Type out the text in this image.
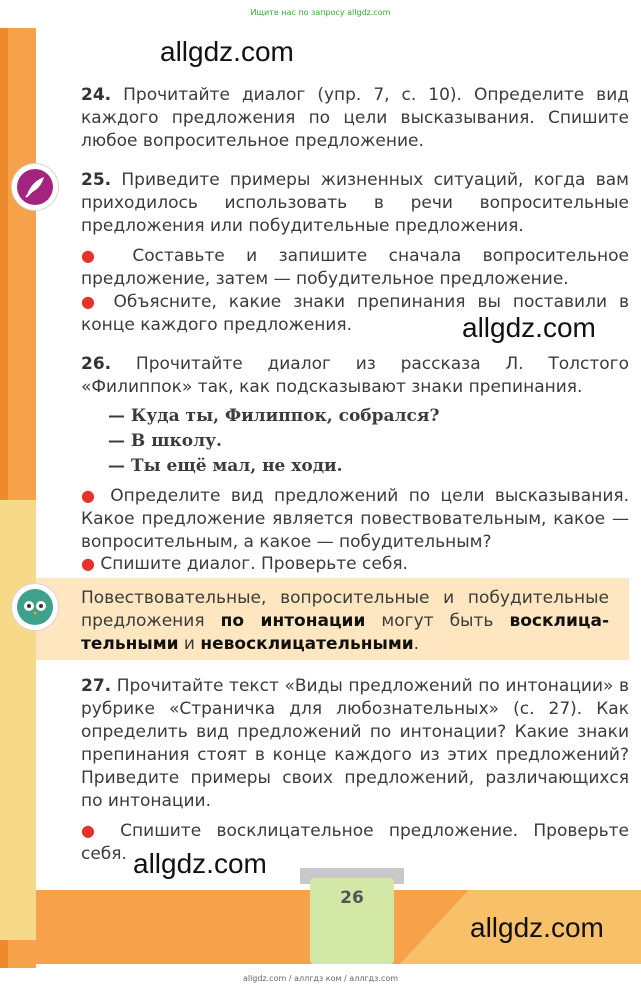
Ищите нас по запросу allgdz.com
allgdz.com
24. Прочитайте диалог (упр. 7, с. 10). Определите вид каждого предложения по цели высказывания. Спишите любое вопросительное предложение.
25. Приведите примеры жизненных ситуаций, когда вам приходилось использовать в речи вопросительные предложения или побудительные предложения.
● Составьте и запишите сначала вопросительное предложение, затем — побудительное предложение.
● Объясните, какие знаки препинания вы поставили в конце каждого предложения.	allgdz.com
26. Прочитайте диалог из рассказа Л. Толстого «Филиппок» так, как подсказывают знаки препинания.
— Куда ты, Филиппок, собрался?
— В школу.
— Ты ещё мал, не ходи.
● Определите вид предложений по цели высказывания. Какое предложение является повествовательным, какое — вопросительным, а какое — побудительным?
● Спишите диалог. Проверьте себя.
Повествовательные, вопросительные и побудительные предложения по интонации могут быть восклицательными и невосклицательными.
27. Прочитайте текст «Виды предложений по интонации» в рубрике «Страничка для любознательных» (с. 27). Как определить вид предложений по интонации? Какие знаки препинания стоят в конце каждого из этих предложений? Приведите примеры своих предложений, различающихся по интонации.
● Спишите восклицательное предложение. Проверьте себя. allgdz.com
26
allgdz.com
allgdz.com / аллгдз ком / аллгдз.com
